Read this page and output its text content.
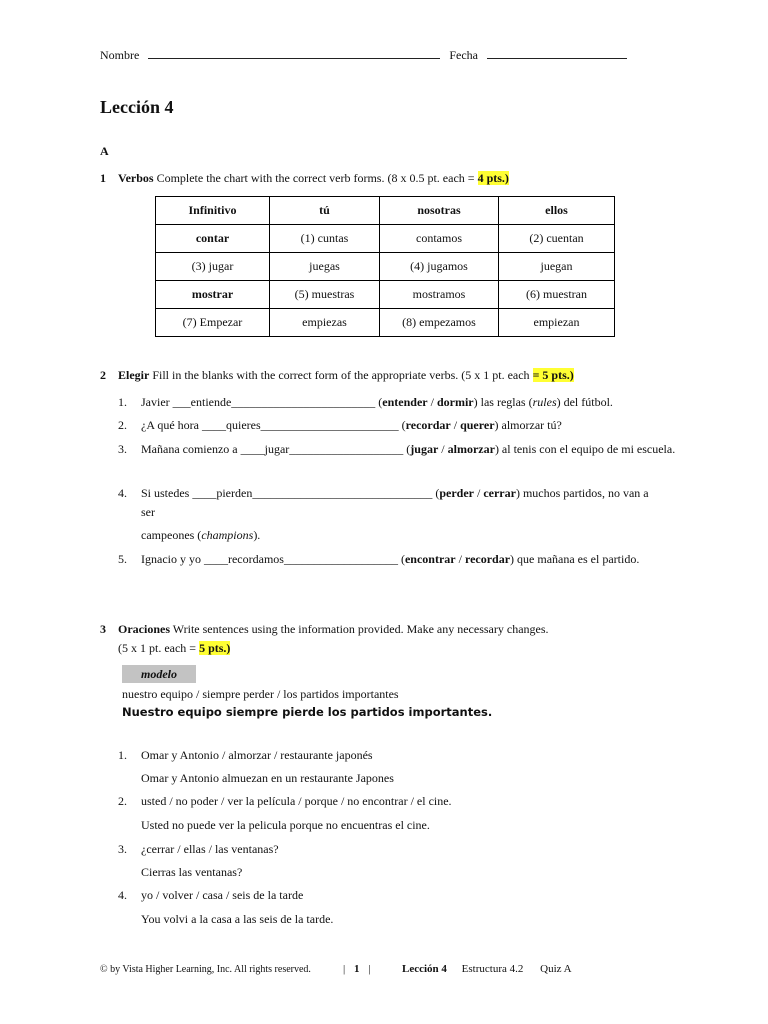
Nombre	Fecha
Lección 4
A
1 Verbos Complete the chart with the correct verb forms. (8 x 0.5 pt. each = 4 pts.)
Infinitivo	tú	nosotras	ellos
contar	(1) cuntas	contamos	(2) cuentan
(3) jugar	juegas	(4) jugamos	juegan
mostrar	(5) muestras	mostramos	(6) muestran
(7) Empezar	empiezas	(8) empezamos	empiezan
2 Elegir Fill in the blanks with the correct form of the appropriate verbs. (5 x 1 pt. each = 5 pts.)
1. Javier ___entiende________________________ (entender / dormir) las reglas (rules) del fútbol.
2. ¿A qué hora ____quieres_______________________ (recordar / querer) almorzar tú?
3. Mañana comienzo a ____jugar___________________ (jugar / almorzar) al tenis con el equipo de mi escuela.
4. Si ustedes ____pierden______________________________ (perder / cerrar) muchos partidos, no van a ser
campeones (champions).
5. Ignacio y yo ____recordamos___________________ (encontrar / recordar) que mañana es el partido.
3 Oraciones Write sentences using the information provided. Make any necessary changes.
(5 x 1 pt. each = 5 pts.)
modelo
nuestro equipo / siempre perder / los partidos importantes
Nuestro equipo siempre pierde los partidos importantes.
1. Omar y Antonio / almorzar / restaurante japonés
Omar y Antonio almuezan en un restaurante Japones
2. usted / no poder / ver la película / porque / no encontrar / el cine.
Usted no puede ver la pelicula porque no encuentras el cine.
3. ¿cerrar / ellas / las ventanas?
Cierras las ventanas?
4. yo / volver / casa / seis de la tarde
You volvi a la casa a las seis de la tarde.
© by Vista Higher Learning, Inc. All rights reserved.	| 1 |	Lección 4 Estructura 4.2 Quiz A
